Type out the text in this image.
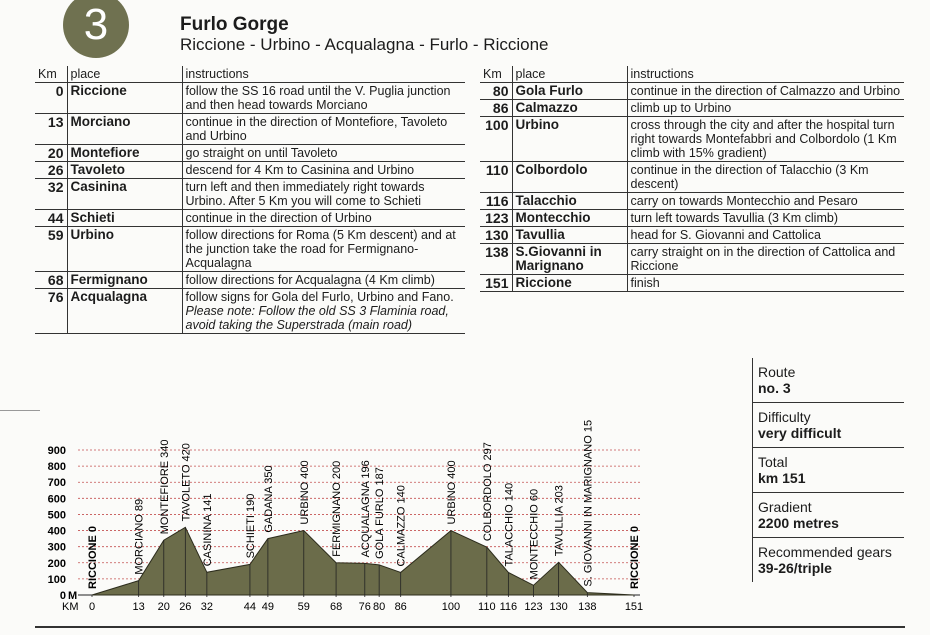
3	Furlo Gorge
Riccione - Urbino - Acqualagna - Furlo - Riccione
Km	place	instructions
0	Riccione	follow the SS 16 road until the V. Puglia junction and then head towards Morciano
13	Morciano	continue in the direction of Montefiore, Tavoleto and Urbino
20	Montefiore	go straight on until Tavoleto
26	Tavoleto	descend for 4 Km to Casinina and Urbino
32	Casinina	turn left and then immediately right towards Urbino. After 5 Km you will come to Schieti
44	Schieti	continue in the direction of Urbino
59	Urbino	follow directions for Roma (5 Km descent) and at the junction take the road for Fermignano-Acqualagna
68	Fermignano	follow directions for Acqualagna (4 Km climb)
76	Acqualagna	follow signs for Gola del Furlo, Urbino and Fano. Please note: Follow the old SS 3 Flaminia road, avoid taking the Superstrada (main road)
Km	place	instructions
80	Gola Furlo	continue in the direction of Calmazzo and Urbino
86	Calmazzo	climb up to Urbino
100	Urbino	cross through the city and after the hospital turn right towards Montefabbri and Colbordolo (1 Km climb with 15% gradient)
110	Colbordolo	continue in the direction of Talacchio (3 Km descent)
116	Talacchio	carry on towards Montecchio and Pesaro
123	Montecchio	turn left towards Tavullia (3 Km climb)
130	Tavullia	head for S. Giovanni and Cattolica
138	S.Giovanni in Marignano	carry straight on in the direction of Cattolica and Riccione
151	Riccione	finish
Route
no. 3
Difficulty
very difficult
Total
km 151
Gradient
2200 metres
Recommended gears
39-26/triple
900
800
700
600
500
400
300
200
100
0 M
RICCIONE 0	MORCIANO 89
MONTEFIORE 340 TAVOLETO 420
CASININA 141	SCHIETI 190 GADANA 350 URBINO 400 FERMIGNANO 200 ACQUALAGNA 196 GOLA FURLO 187 CALMAZZO 140	URBINO 400 COLBORDOLO 297 TALACCHIO 140 MONTECCHIO 60 TAVULLIA 203 S. GIOVANNI IN MARIGNANO 15	RICCIONE 0
KM 0	13 20 26 32	44 49 59 68 76 80 86	100 110 116 123 130 138	151
